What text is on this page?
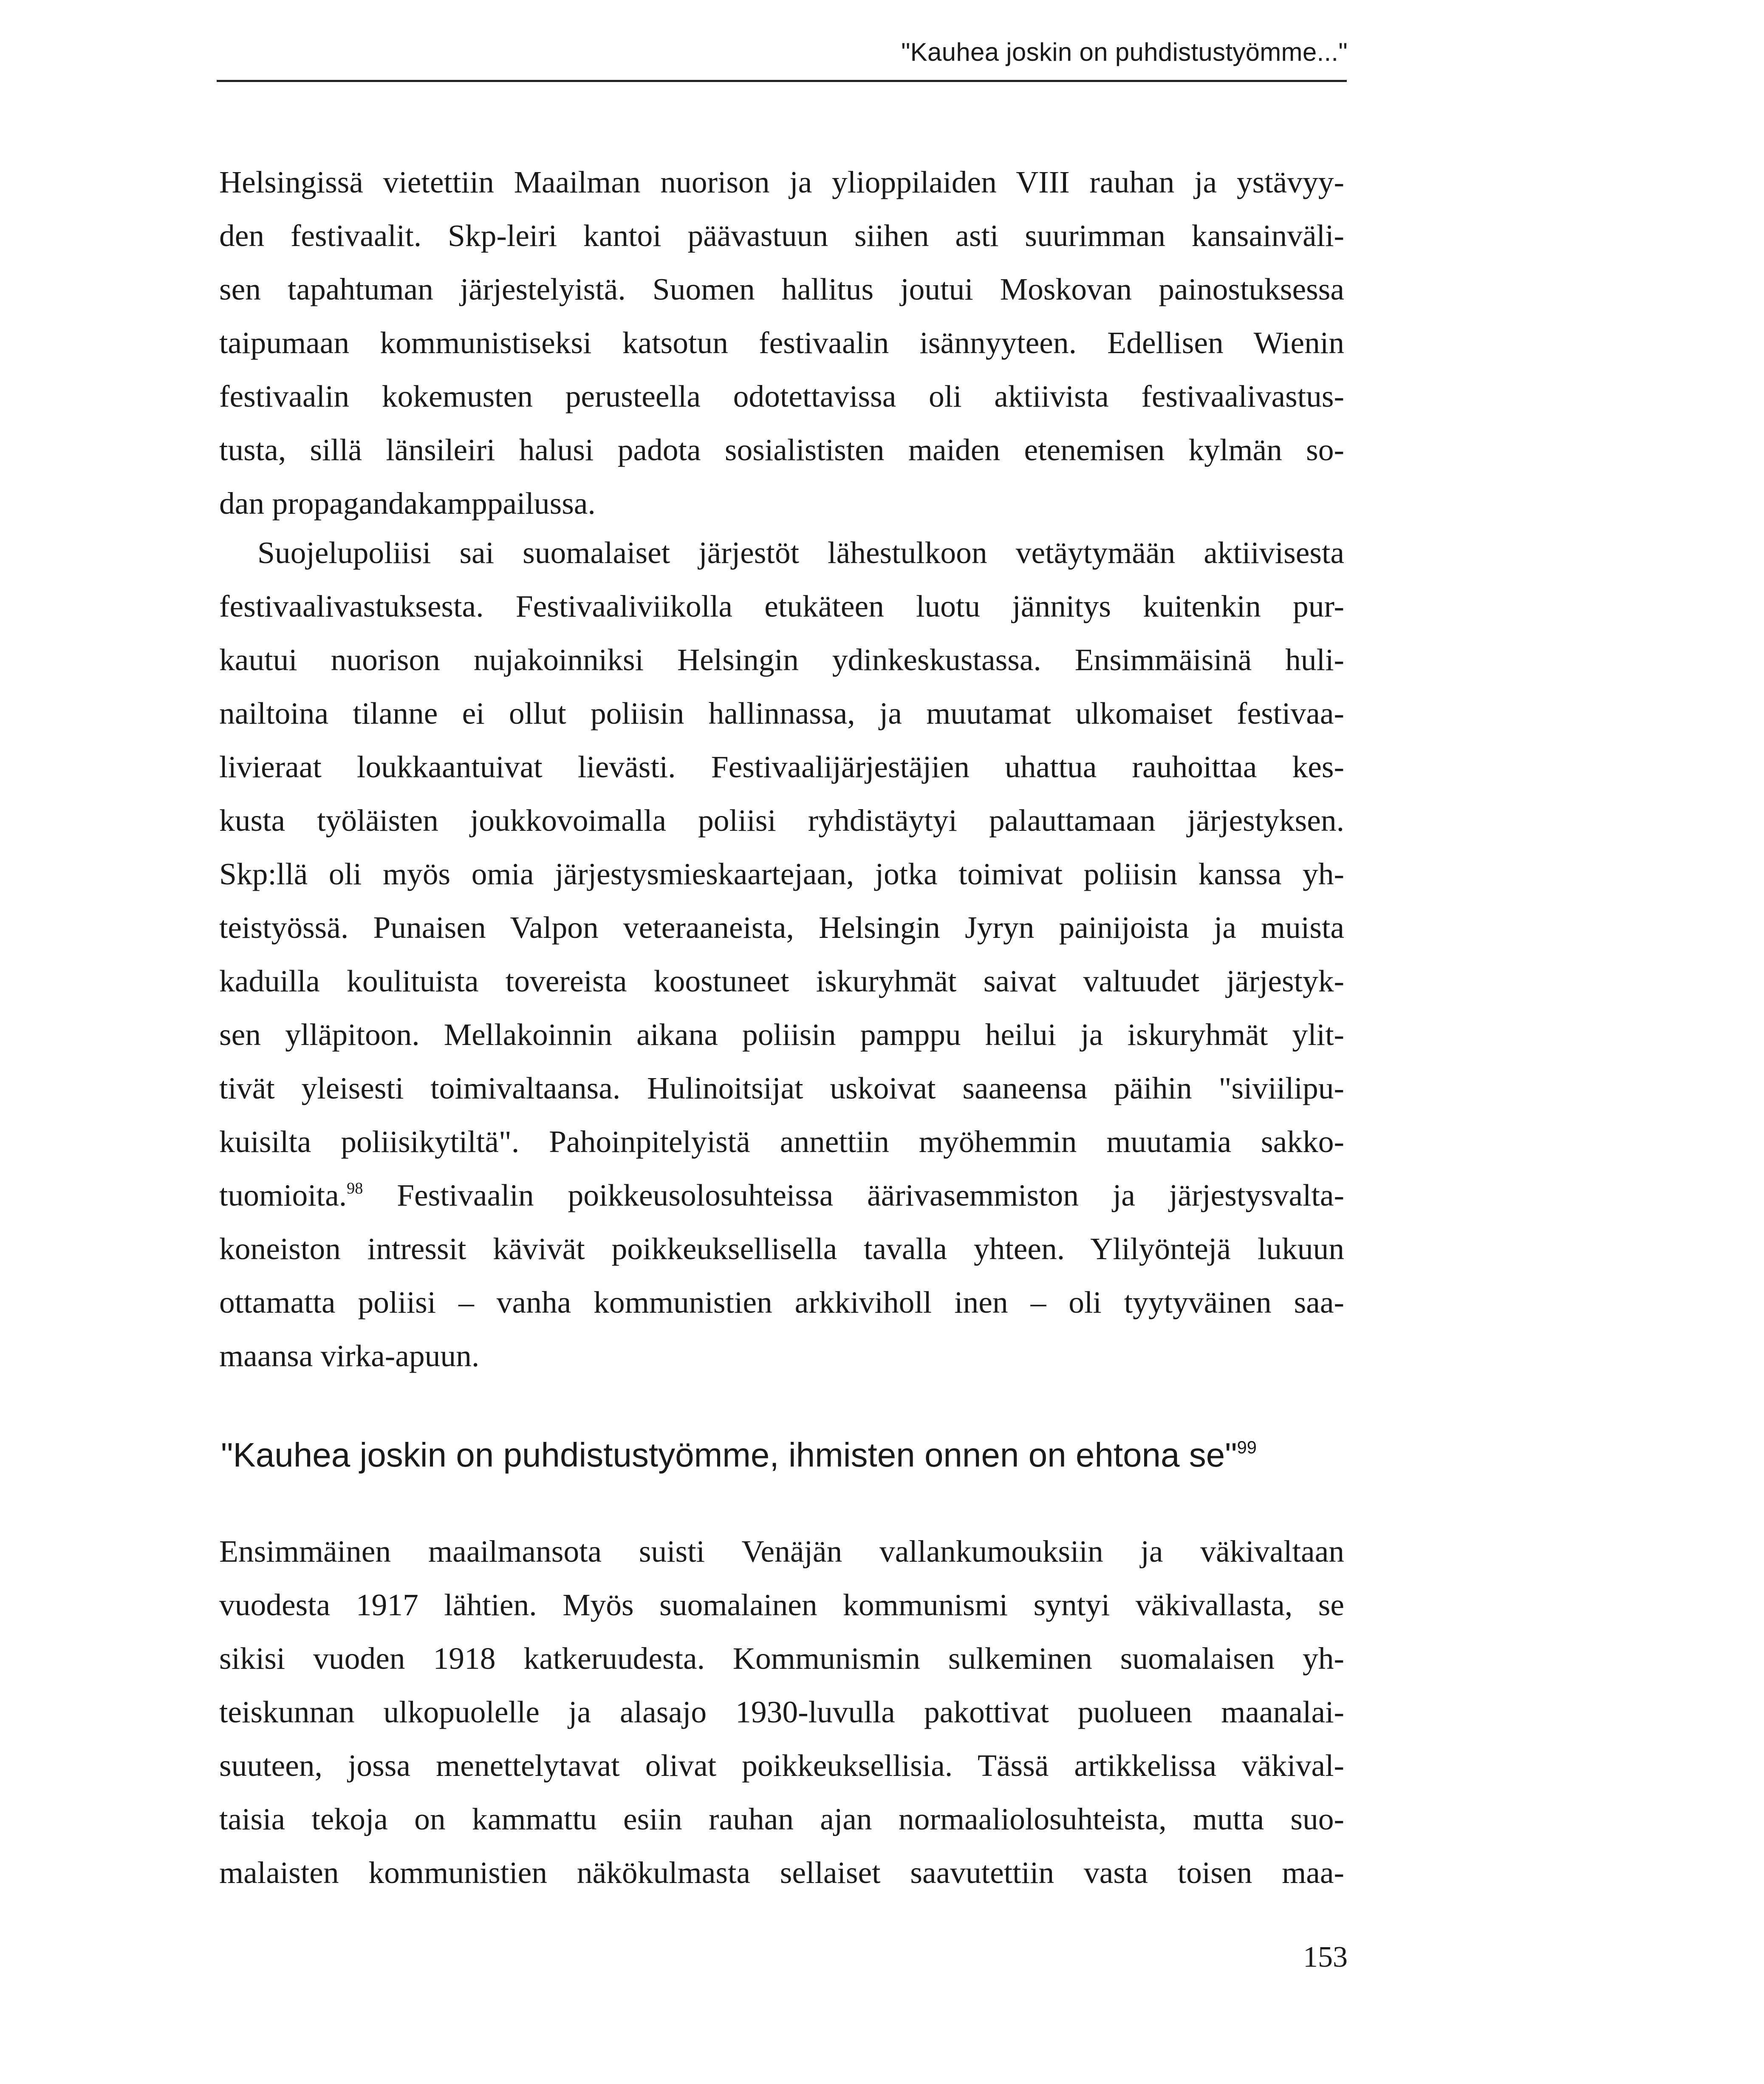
"Kauhea joskin on puhdistustyömme..."
Helsingissä vietettiin Maailman nuorison ja ylioppilaiden VIII rauhan ja ystävyy-
den festivaalit. Skp-leiri kantoi päävastuun siihen asti suurimman kansainväli-
sen tapahtuman järjestelyistä. Suomen hallitus joutui Moskovan painostuksessa
taipumaan kommunistiseksi katsotun festivaalin isännyyteen. Edellisen Wienin
festivaalin kokemusten perusteella odotettavissa oli aktiivista festivaalivastus-
tusta, sillä länsileiri halusi padota sosialististen maiden etenemisen kylmän so-
dan propagandakamppailussa.
Suojelupoliisi sai suomalaiset järjestöt lähestulkoon vetäytymään aktiivisesta
festivaalivastuksesta. Festivaaliviikolla etukäteen luotu jännitys kuitenkin pur-
kautui nuorison nujakoinniksi Helsingin ydinkeskustassa. Ensimmäisinä huli-
nailtoina tilanne ei ollut poliisin hallinnassa, ja muutamat ulkomaiset festivaa-
livieraat loukkaantuivat lievästi. Festivaalijärjestäjien uhattua rauhoittaa kes-
kusta työläisten joukkovoimalla poliisi ryhdistäytyi palauttamaan järjestyksen.
Skp:llä oli myös omia järjestysmieskaartejaan, jotka toimivat poliisin kanssa yh-
teistyössä. Punaisen Valpon veteraaneista, Helsingin Jyryn painijoista ja muista
kaduilla koulituista tovereista koostuneet iskuryhmät saivat valtuudet järjestyk-
sen ylläpitoon. Mellakoinnin aikana poliisin pamppu heilui ja iskuryhmät ylit-
tivät yleisesti toimivaltaansa. Hulinoitsijat uskoivat saaneensa päihin "siviilipu-
kuisilta poliisikytiltä". Pahoinpitelyistä annettiin myöhemmin muutamia sakko-
tuomioita.$^{98}$ Festivaalin poikkeusolosuhteissa äärivasemmiston ja järjestysvalta-
koneiston intressit kävivät poikkeuksellisella tavalla yhteen. Ylilyöntejä lukuun
ottamatta poliisi – vanha kommunistien arkkiviholl inen – oli tyytyväinen saa-
maansa virka-apuun.
"Kauhea joskin on puhdistustyömme, ihmisten onnen on ehtona se"$^{99}$
Ensimmäinen maailmansota suisti Venäjän vallankumouksiin ja väkivaltaan
vuodesta 1917 lähtien. Myös suomalainen kommunismi syntyi väkivallasta, se
sikisi vuoden 1918 katkeruudesta. Kommunismin sulkeminen suomalaisen yh-
teiskunnan ulkopuolelle ja alasajo 1930-luvulla pakottivat puolueen maanalai-
suuteen, jossa menettelytavat olivat poikkeuksellisia. Tässä artikkelissa väkival-
taisia tekoja on kammattu esiin rauhan ajan normaaliolosuhteista, mutta suo-
malaisten kommunistien näkökulmasta sellaiset saavutettiin vasta toisen maa-
153
